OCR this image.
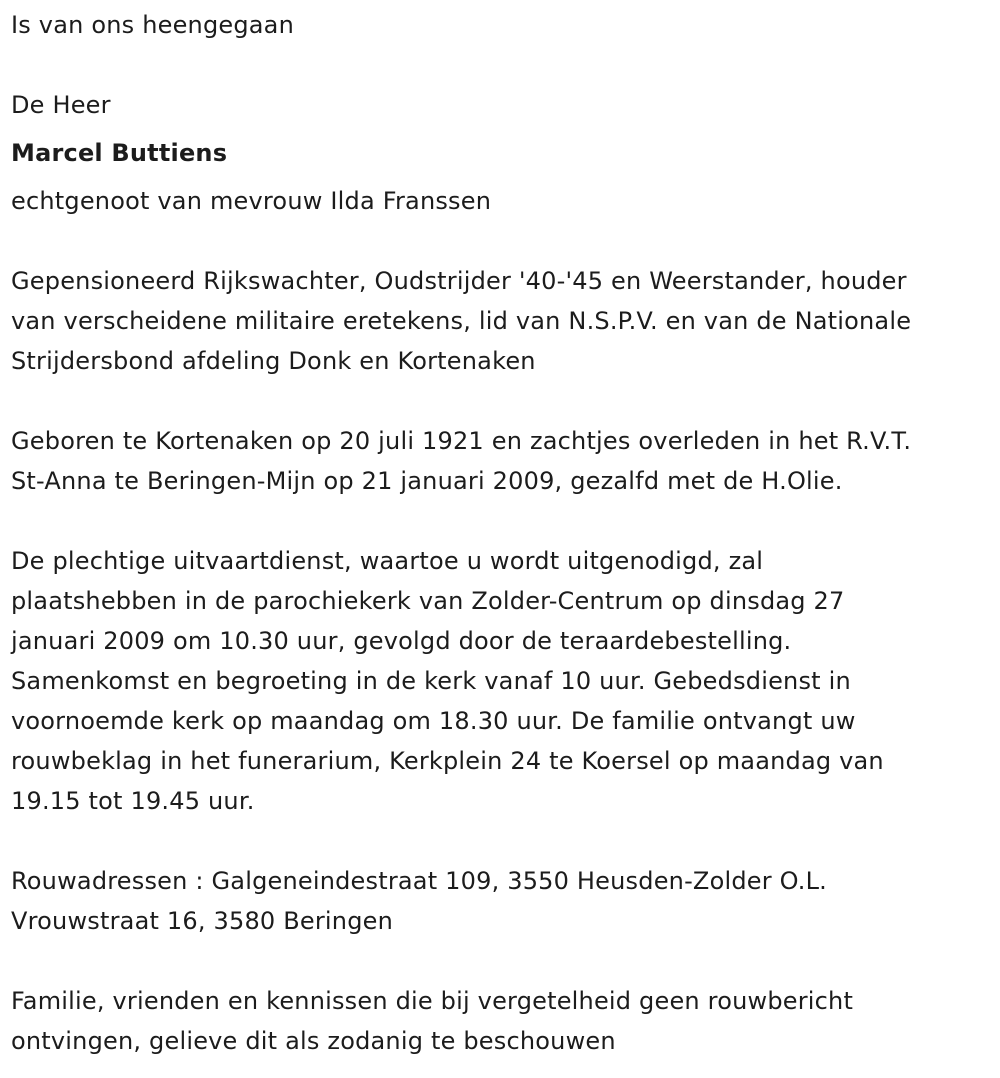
Is van ons heengegaan
De Heer
Marcel Buttiens
echtgenoot van mevrouw Ilda Franssen
Gepensioneerd Rijkswachter, Oudstrijder '40-'45 en Weerstander, houder
van verscheidene militaire eretekens, lid van N.S.P.V. en van de Nationale
Strijdersbond afdeling Donk en Kortenaken
Geboren te Kortenaken op 20 juli 1921 en zachtjes overleden in het R.V.T.
St-Anna te Beringen-Mijn op 21 januari 2009, gezalfd met de H.Olie.
De plechtige uitvaartdienst, waartoe u wordt uitgenodigd, zal
plaatshebben in de parochiekerk van Zolder-Centrum op dinsdag 27
januari 2009 om 10.30 uur, gevolgd door de teraardebestelling.
Samenkomst en begroeting in de kerk vanaf 10 uur. Gebedsdienst in
voornoemde kerk op maandag om 18.30 uur. De familie ontvangt uw
rouwbeklag in het funerarium, Kerkplein 24 te Koersel op maandag van
19.15 tot 19.45 uur.
Rouwadressen : Galgeneindestraat 109, 3550 Heusden-Zolder O.L.
Vrouwstraat 16, 3580 Beringen
Familie, vrienden en kennissen die bij vergetelheid geen rouwbericht
ontvingen, gelieve dit als zodanig te beschouwen
